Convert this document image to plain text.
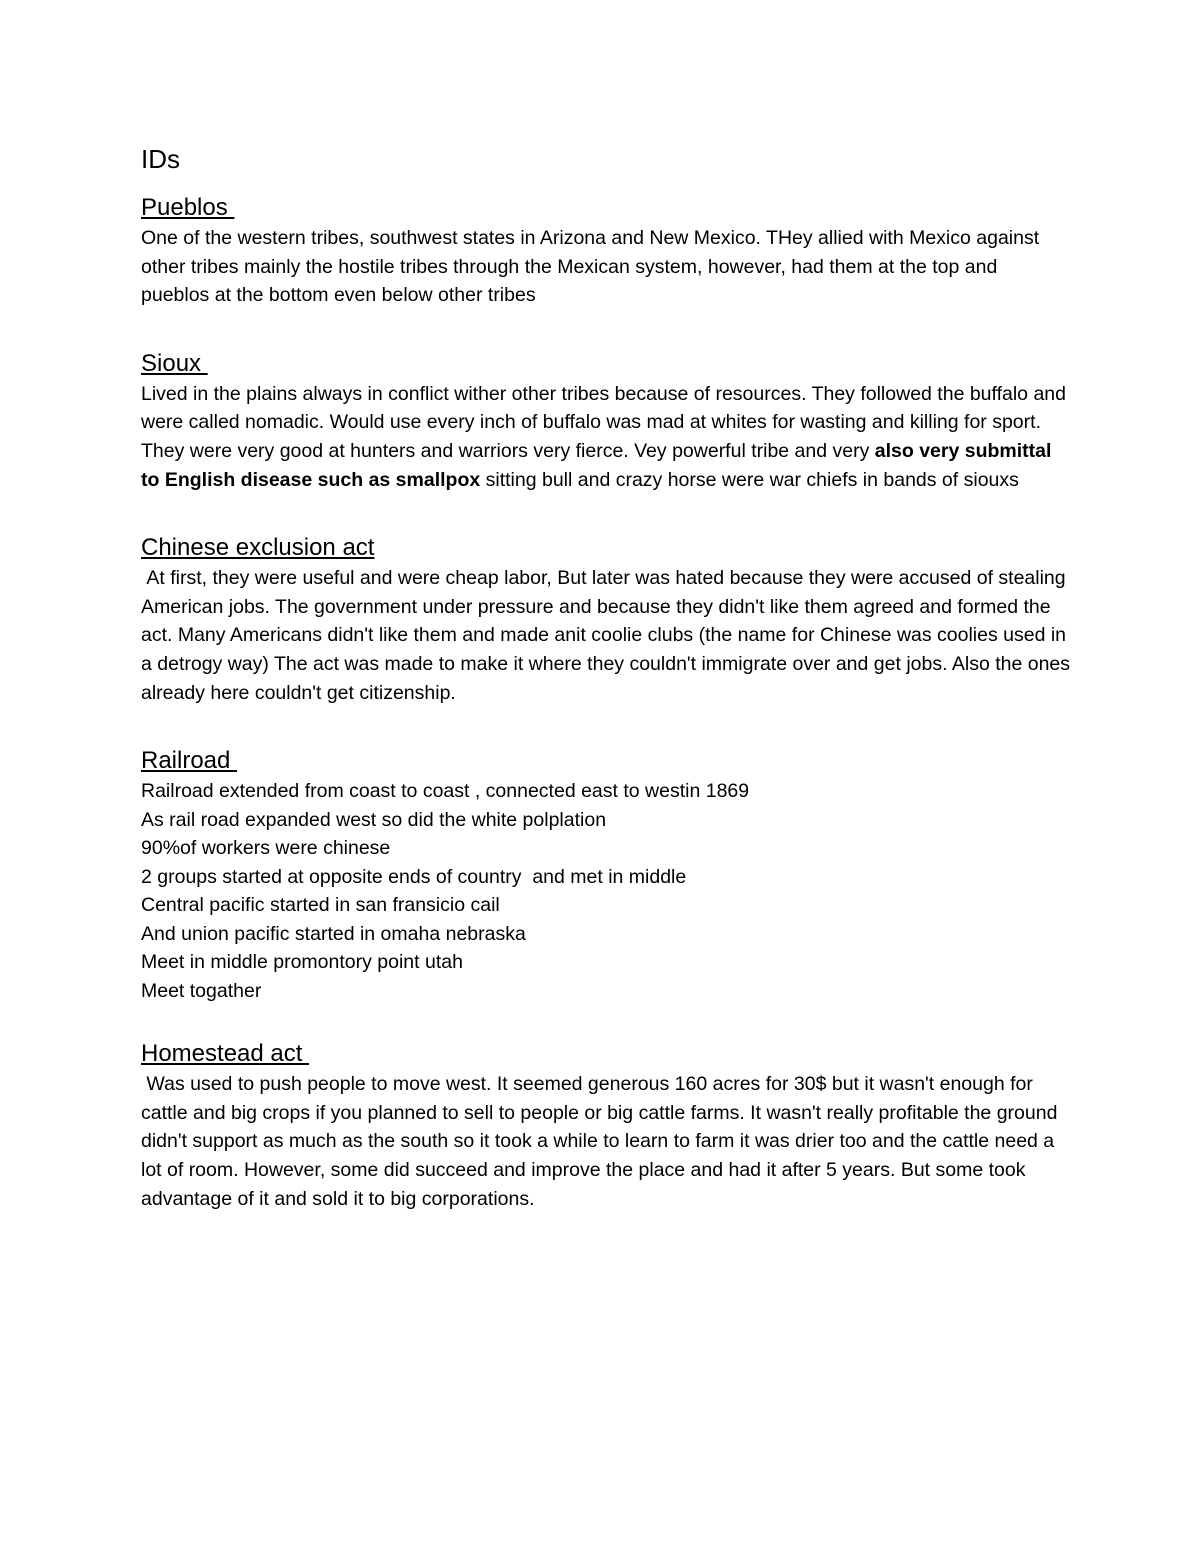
IDs
Pueblos

One of the western tribes, southwest states in Arizona and New Mexico. THey allied with Mexico against other tribes mainly the hostile tribes through the Mexican system, however, had them at the top and pueblos at the bottom even below other tribes

Sioux

Lived in the plains always in conflict wither other tribes because of resources. They followed the buffalo and were called nomadic. Would use every inch of buffalo was mad at whites for wasting and killing for sport. They were very good at hunters and warriors very fierce. Vey powerful tribe and very also very submittal to English disease such as smallpox sitting bull and crazy horse were war chiefs in bands of siouxs

Chinese exclusion act

At first, they were useful and were cheap labor, But later was hated because they were accused of stealing American jobs. The government under pressure and because they didn't like them agreed and formed the act. Many Americans didn't like them and made anit coolie clubs (the name for Chinese was coolies used in a detrogy way) The act was made to make it where they couldn't immigrate over and get jobs. Also the ones already here couldn't get citizenship.

Railroad
Railroad extended from coast to coast , connected east to westin 1869
As rail road expanded west so did the white polplation
90%of workers were chinese
2 groups started at opposite ends of country  and met in middle
Central pacific started in san fransicio cail
And union pacific started in omaha nebraska
Meet in middle promontory point utah
Meet togather
Homestead act

Was used to push people to move west. It seemed generous 160 acres for 30$ but it wasn't enough for cattle and big crops if you planned to sell to people or big cattle farms. It wasn't really profitable the ground didn't support as much as the south so it took a while to learn to farm it was drier too and the cattle need a lot of room. However, some did succeed and improve the place and had it after 5 years. But some took advantage of it and sold it to big corporations.
